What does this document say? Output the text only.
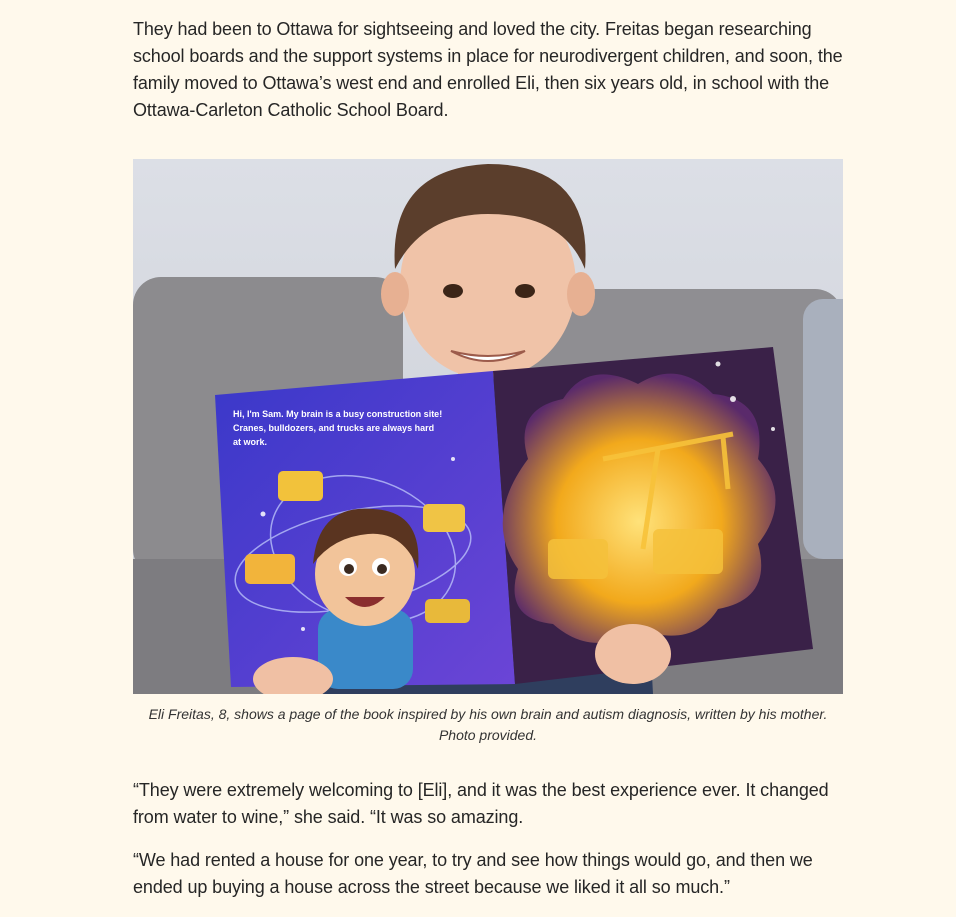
They had been to Ottawa for sightseeing and loved the city. Freitas began researching school boards and the support systems in place for neurodivergent children, and soon, the family moved to Ottawa’s west end and enrolled Eli, then six years old, in school with the Ottawa-Carleton Catholic School Board.

Hi, I'm Sam. My brain is a busy construction site!
Cranes, bulldozers, and trucks are always hard
at work.
Eli Freitas, 8, shows a page of the book inspired by his own brain and autism diagnosis, written by his mother. Photo provided.

“They were extremely welcoming to [Eli], and it was the best experience ever. It changed from water to wine,” she said. “It was so amazing.

“We had rented a house for one year, to try and see how things would go, and then we ended up buying a house across the street because we liked it all so much.”
